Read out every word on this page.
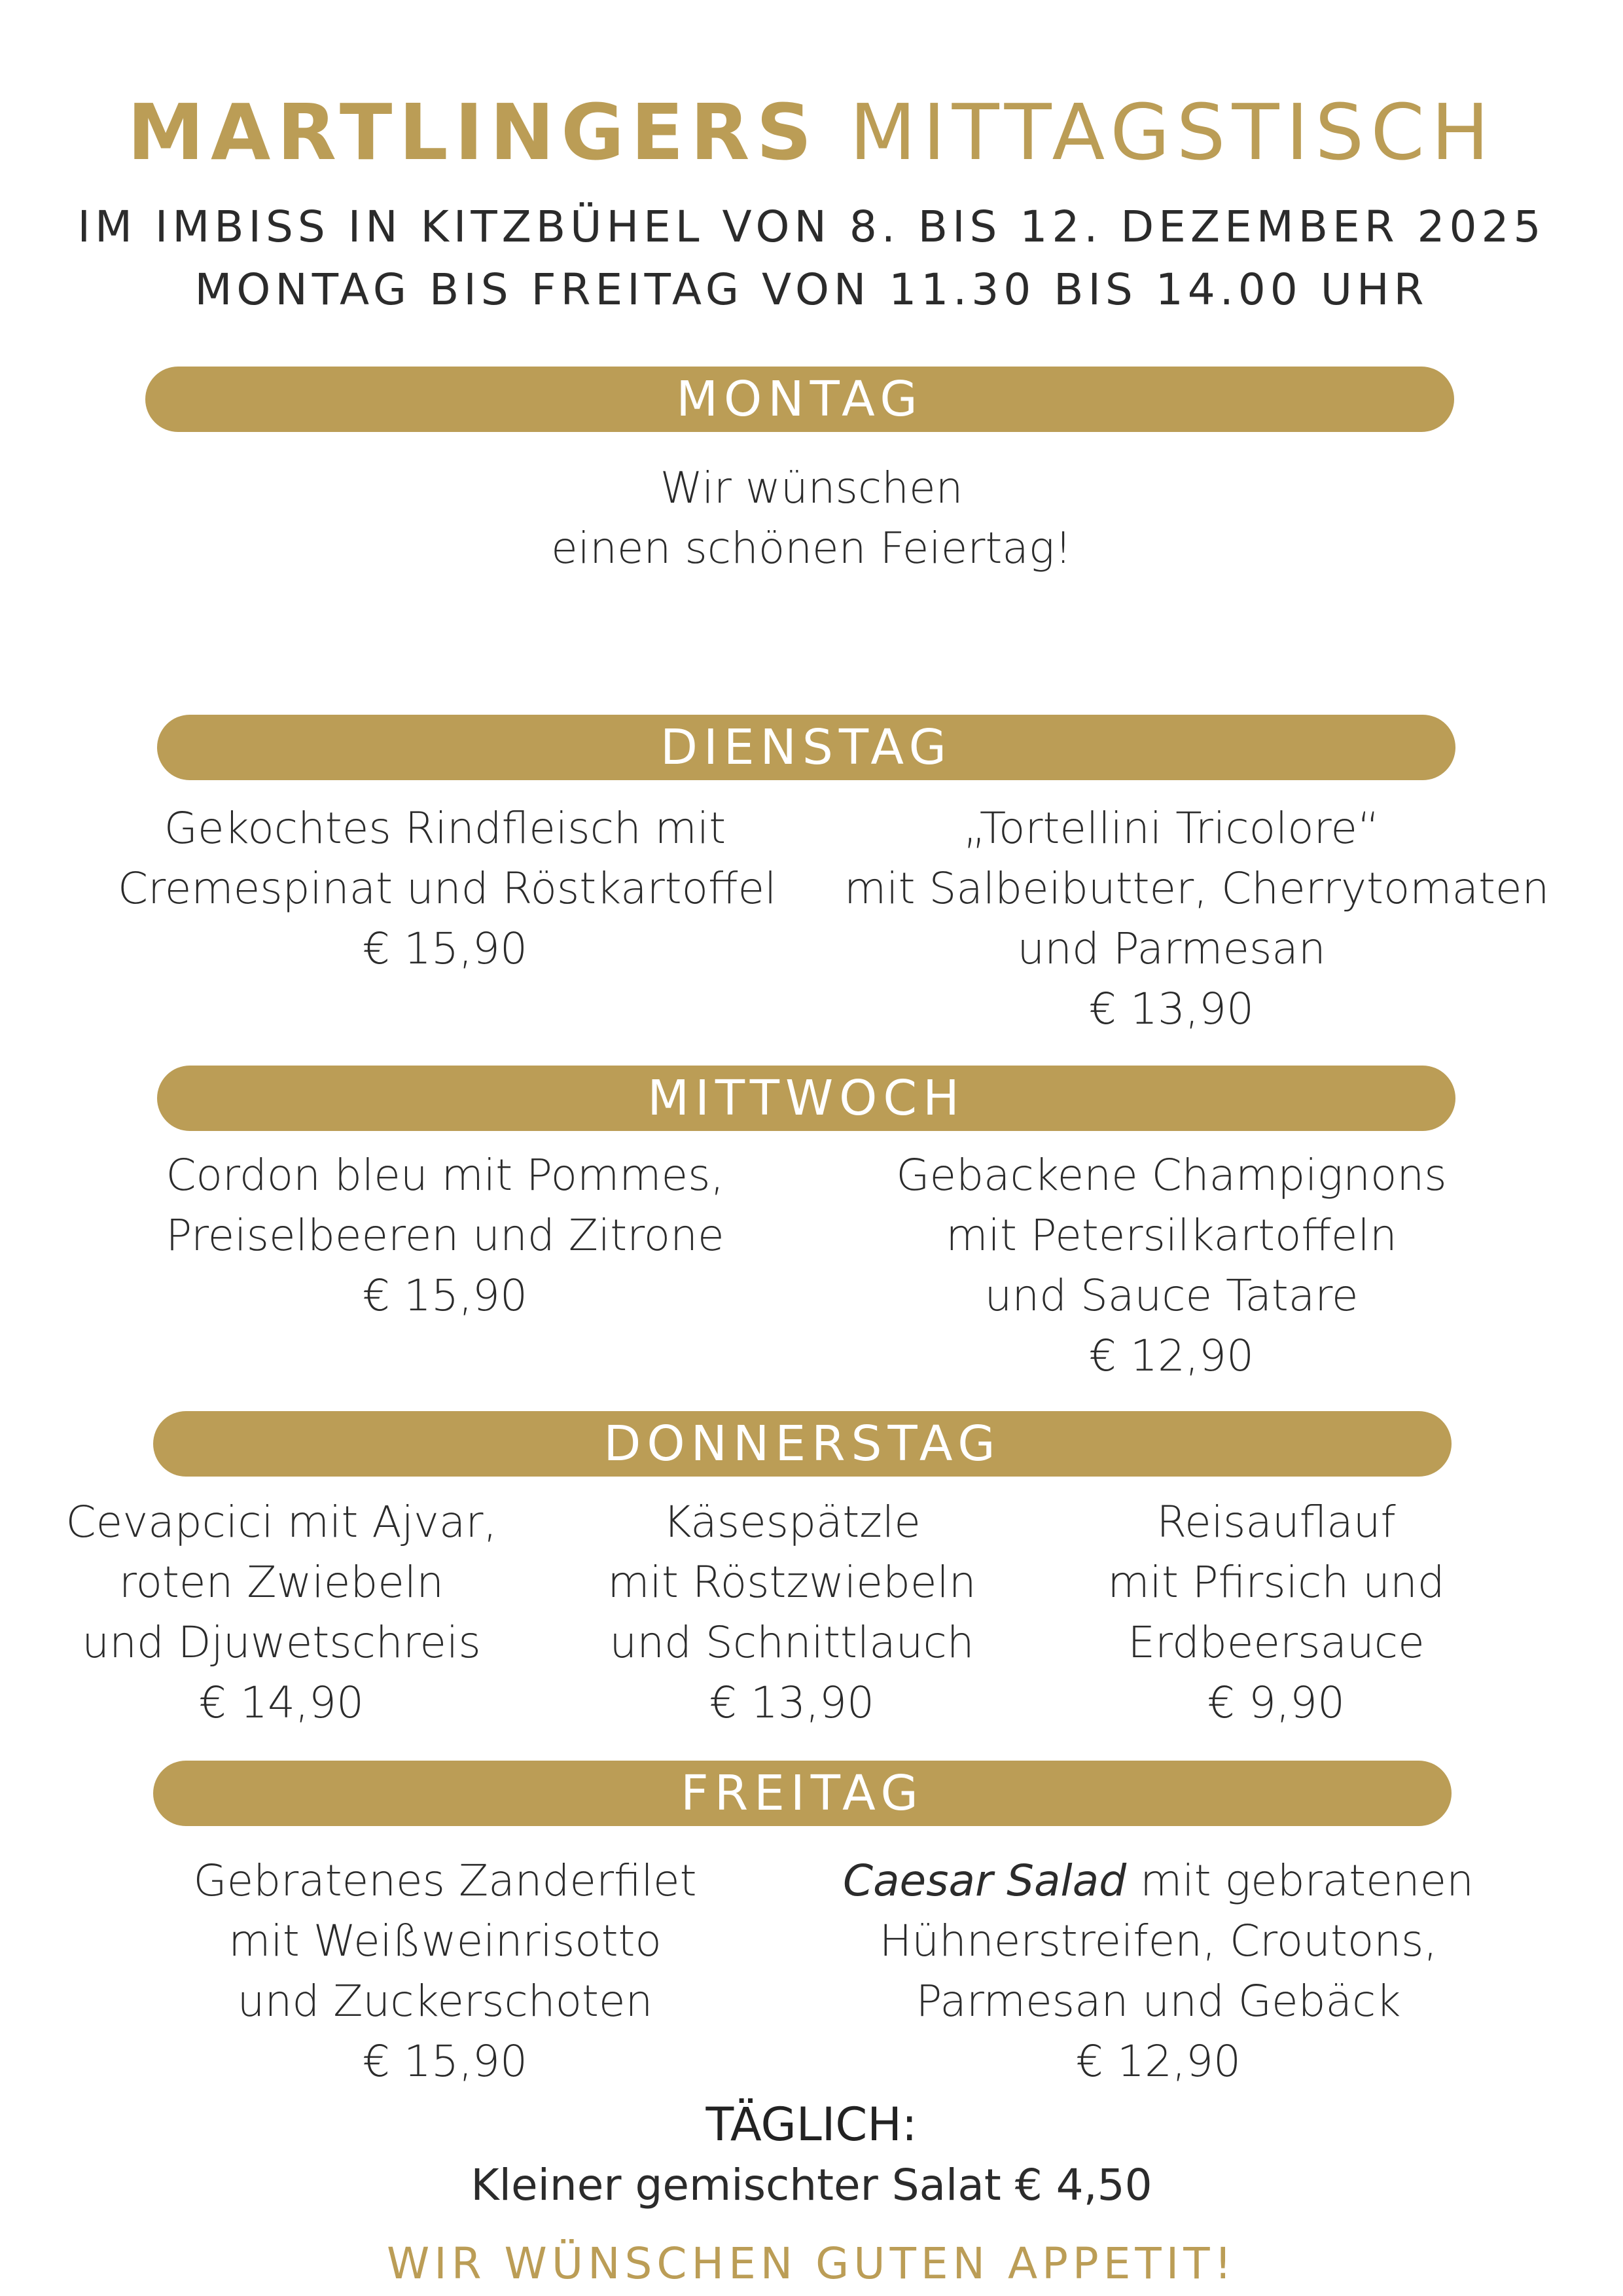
MARTLINGERS MITTAGSTISCH
IM IMBISS IN KITZBÜHEL VON 8. BIS 12. DEZEMBER 2025
MONTAG BIS FREITAG VON 11.30 BIS 14.00 UHR
MONTAG
Wir wünschen
einen schönen Feiertag!
DIENSTAG
Gekochtes Rindfleisch mit
Cremespinat und Röstkartoffel
€ 15,90
„Tortellini Tricolore“
mit Salbeibutter, Cherrytomaten
und Parmesan
€ 13,90
MITTWOCH
Cordon bleu mit Pommes,
Preiselbeeren und Zitrone
€ 15,90
Gebackene Champignons
mit Petersilkartoffeln
und Sauce Tatare
€ 12,90
DONNERSTAG
Cevapcici mit Ajvar,
roten Zwiebeln
und Djuwetschreis
€ 14,90
Käsespätzle
mit Röstzwiebeln
und Schnittlauch
€ 13,90
Reisauflauf
mit Pfirsich und
Erdbeersauce
€ 9,90
FREITAG
Gebratenes Zanderfilet
mit Weißweinrisotto
und Zuckerschoten
€ 15,90
Caesar Salad mit gebratenen
Hühnerstreifen, Croutons,
Parmesan und Gebäck
€ 12,90
TÄGLICH:
Kleiner gemischter Salat € 4,50
WIR WÜNSCHEN GUTEN APPETIT!
